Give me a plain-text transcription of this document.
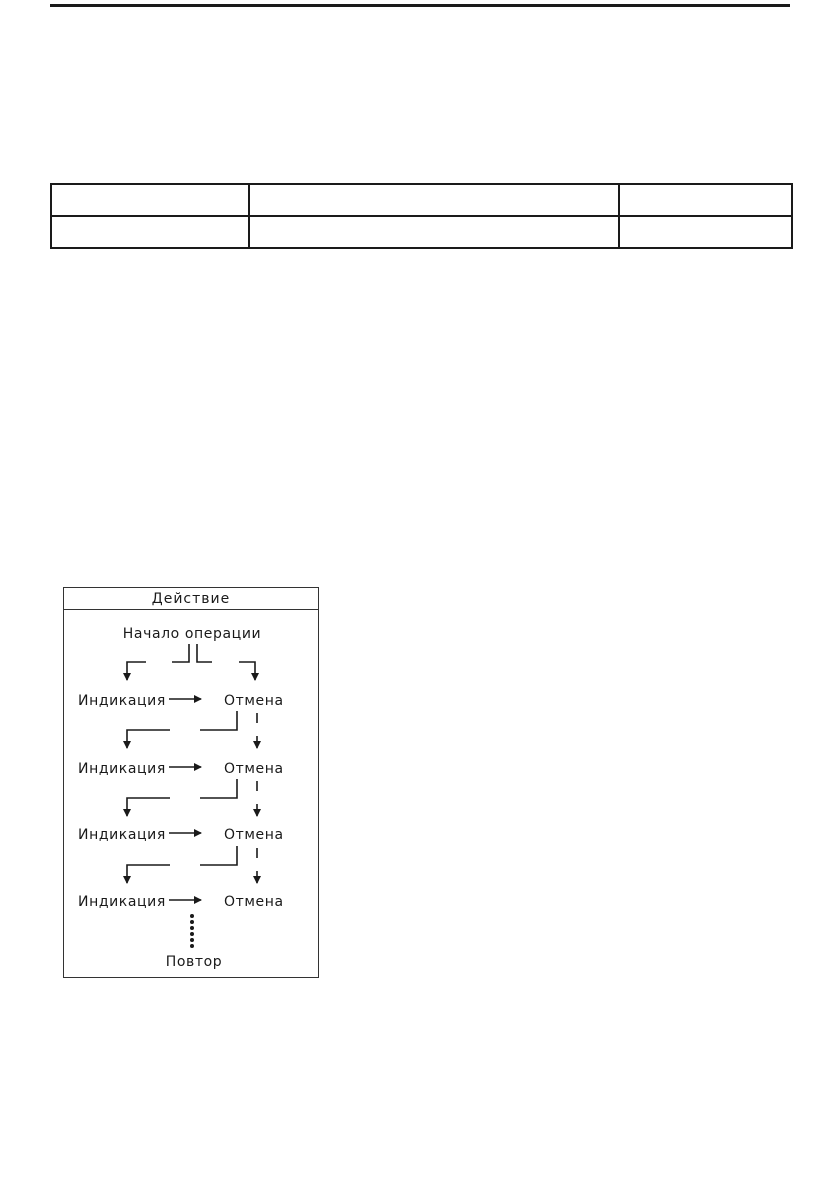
Действие
Начало операции
Индикация	Отмена
Индикация	Отмена
Индикация	Отмена
Индикация	Отмена
Повтор
